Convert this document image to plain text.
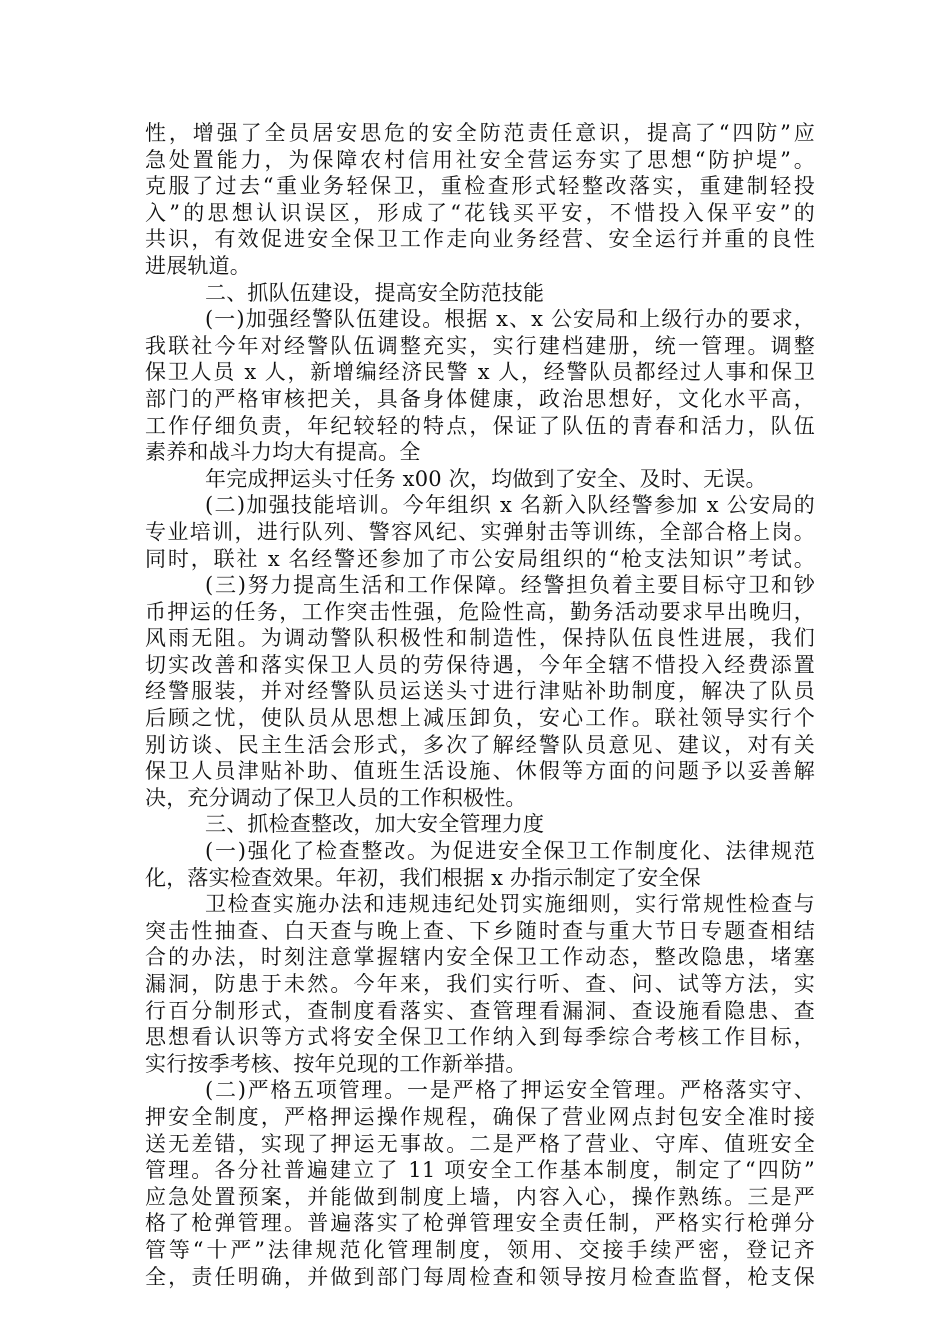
性，增强了全员居安思危的安全防范责任意识，提高了“四防”应
急处置能力，为保障农村信用社安全营运夯实了思想“防护堤”。
克服了过去“重业务轻保卫，重检查形式轻整改落实，重建制轻投
入”的思想认识误区，形成了“花钱买平安，不惜投入保平安”的
共识，有效促进安全保卫工作走向业务经营、安全运行并重的良性
进展轨道。
二、抓队伍建设，提高安全防范技能
(一)加强经警队伍建设。根据 x、x 公安局和上级行办的要求，
我联社今年对经警队伍调整充实，实行建档建册，统一管理。调整
保卫人员 x 人，新增编经济民警 x 人，经警队员都经过人事和保卫
部门的严格审核把关，具备身体健康，政治思想好，文化水平高，
工作仔细负责，年纪较轻的特点，保证了队伍的青春和活力，队伍
素养和战斗力均大有提高。全
年完成押运头寸任务 x00 次，均做到了安全、及时、无误。
(二)加强技能培训。今年组织 x 名新入队经警参加 x 公安局的
专业培训，进行队列、警容风纪、实弹射击等训练，全部合格上岗。
同时，联社 x 名经警还参加了市公安局组织的“枪支法知识”考试。
(三)努力提高生活和工作保障。经警担负着主要目标守卫和钞
币押运的任务，工作突击性强，危险性高，勤务活动要求早出晚归，
风雨无阻。为调动警队积极性和制造性，保持队伍良性进展，我们
切实改善和落实保卫人员的劳保待遇，今年全辖不惜投入经费添置
经警服装，并对经警队员运送头寸进行津贴补助制度，解决了队员
后顾之忧，使队员从思想上减压卸负，安心工作。联社领导实行个
别访谈、民主生活会形式，多次了解经警队员意见、建议，对有关
保卫人员津贴补助、值班生活设施、休假等方面的问题予以妥善解
决，充分调动了保卫人员的工作积极性。
三、抓检查整改，加大安全管理力度
(一)强化了检查整改。为促进安全保卫工作制度化、法律规范
化，落实检查效果。年初，我们根据 x 办指示制定了安全保
卫检查实施办法和违规违纪处罚实施细则，实行常规性检查与
突击性抽查、白天查与晚上查、下乡随时查与重大节日专题查相结
合的办法，时刻注意掌握辖内安全保卫工作动态，整改隐患，堵塞
漏洞，防患于未然。今年来，我们实行听、查、问、试等方法，实
行百分制形式，查制度看落实、查管理看漏洞、查设施看隐患、查
思想看认识等方式将安全保卫工作纳入到每季综合考核工作目标，
实行按季考核、按年兑现的工作新举措。
(二)严格五项管理。一是严格了押运安全管理。严格落实守、
押安全制度，严格押运操作规程，确保了营业网点封包安全准时接
送无差错，实现了押运无事故。二是严格了营业、守库、值班安全
管理。各分社普遍建立了 11 项安全工作基本制度，制定了“四防”
应急处置预案，并能做到制度上墙，内容入心，操作熟练。三是严
格了枪弹管理。普遍落实了枪弹管理安全责任制，严格实行枪弹分
管等“十严”法律规范化管理制度，领用、交接手续严密，登记齐
全，责任明确，并做到部门每周检查和领导按月检查监督，枪支保
